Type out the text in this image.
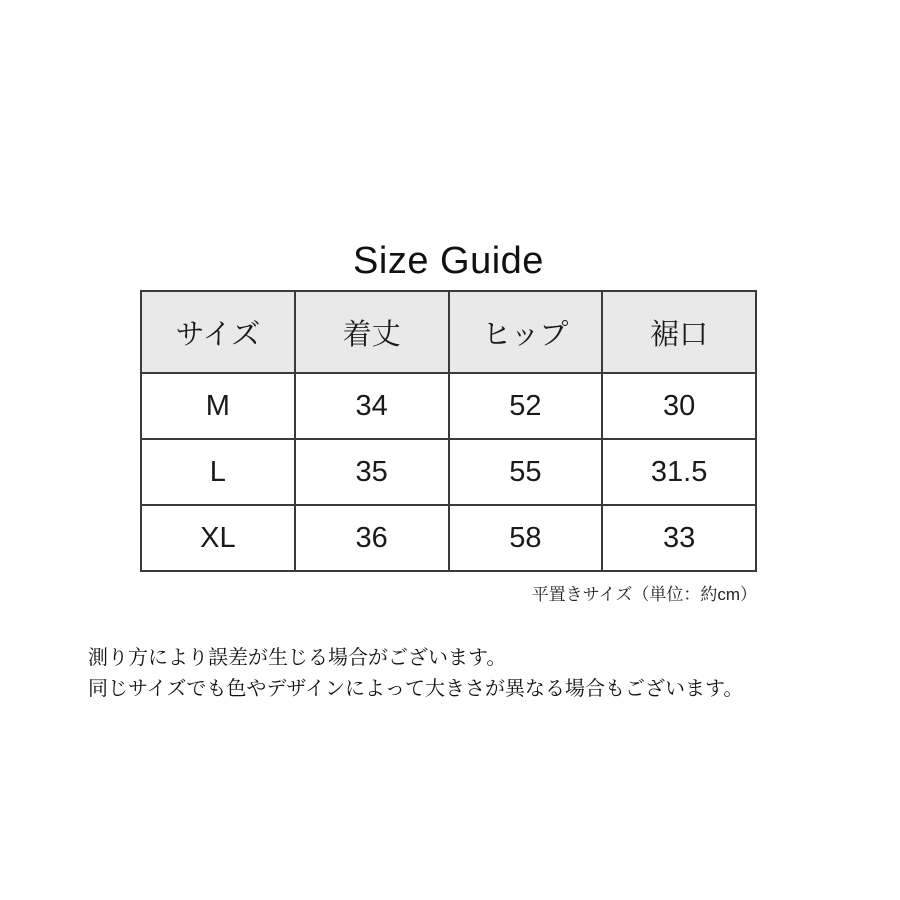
Size Guide
サイズ	着丈	ヒップ	裾口
M	34	52	30
L	35	55	31.5
XL	36	58	33
平置きサイズ（単位：約cm）
測り方により誤差が生じる場合がございます。
同じサイズでも色やデザインによって大きさが異なる場合もございます。
